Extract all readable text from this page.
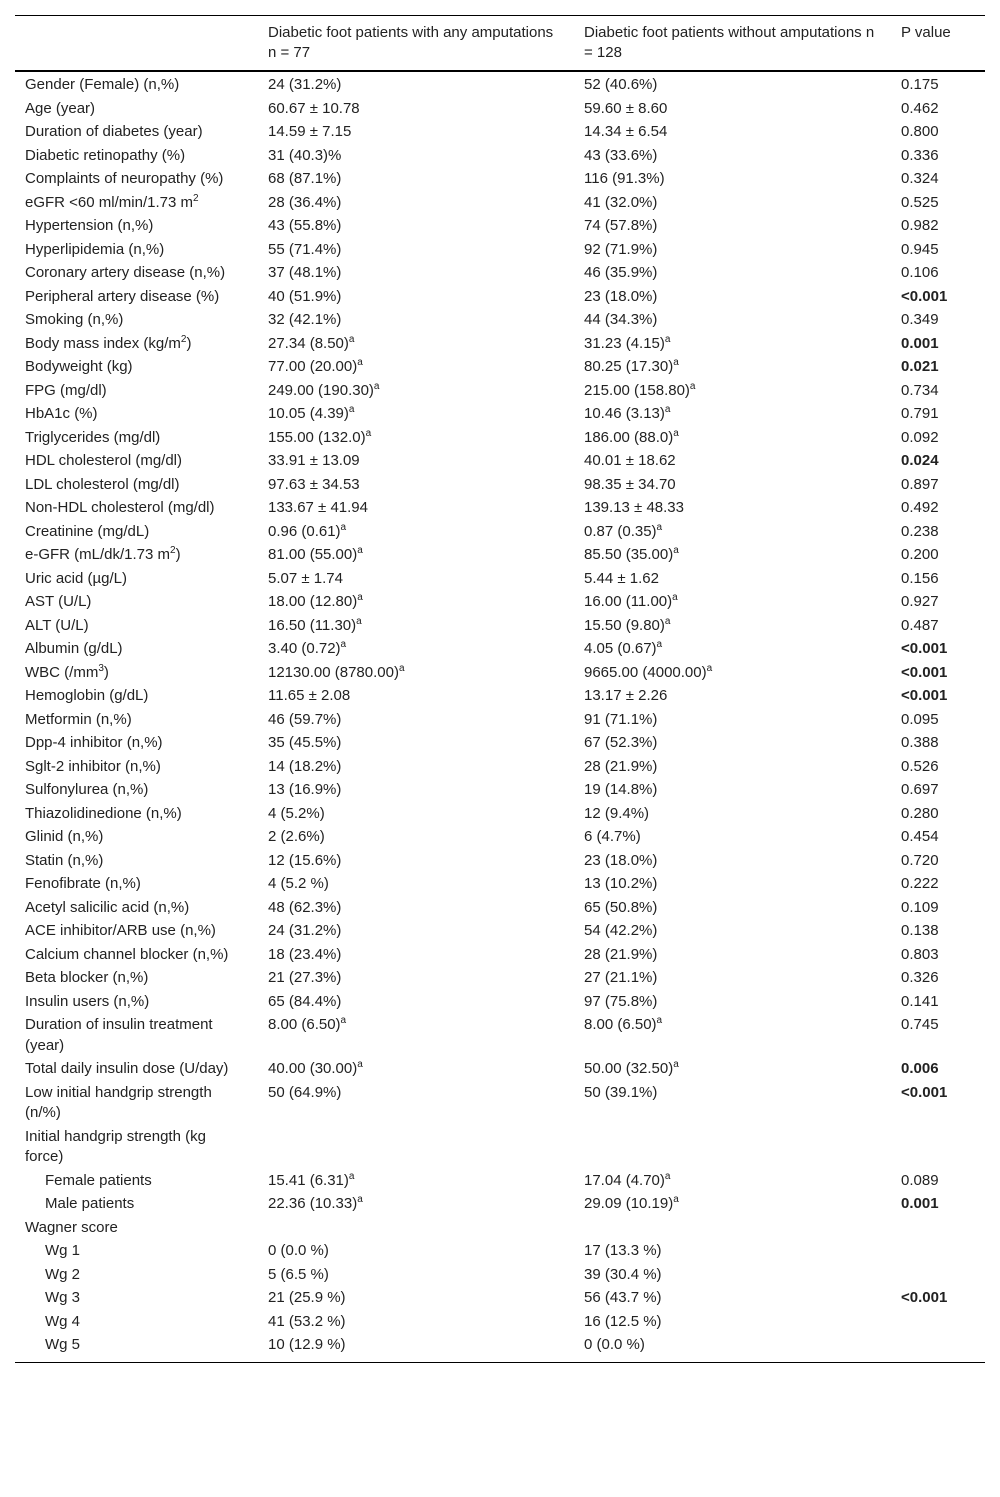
	Diabetic foot patients with any amputations n = 77	Diabetic foot patients without amputations n = 128	P value
Gender (Female) (n,%)	24 (31.2%)	52 (40.6%)	0.175
Age (year)	60.67 ± 10.78	59.60 ± 8.60	0.462
Duration of diabetes (year)	14.59 ± 7.15	14.34 ± 6.54	0.800
Diabetic retinopathy (%)	31 (40.3)%	43 (33.6%)	0.336
Complaints of neuropathy (%)	68 (87.1%)	116 (91.3%)	0.324
eGFR <60 ml/min/1.73 $m^2$	28 (36.4%)	41 (32.0%)	0.525
Hypertension (n,%)	43 (55.8%)	74 (57.8%)	0.982
Hyperlipidemia (n,%)	55 (71.4%)	92 (71.9%)	0.945
Coronary artery disease (n,%)	37 (48.1%)	46 (35.9%)	0.106
Peripheral artery disease (%)	40 (51.9%)	23 (18.0%)	<0.001
Smoking (n,%)	32 (42.1%)	44 (34.3%)	0.349
Body mass index $(kg/m^2)$	27.34 $(8.50)^a$	31.23 $(4.15)^a$	0.001
Bodyweight (kg)	77.00 $(20.00)^a$	80.25 $(17.30)^a$	0.021
FPG (mg/dl)	249.00 $(190.30)^a$	215.00 $(158.80)^a$	0.734
HbA1c (%)	10.05 $(4.39)^a$	10.46 $(3.13)^a$	0.791
Triglycerides (mg/dl)	155.00 $(132.0)^a$	186.00 $(88.0)^a$	0.092
HDL cholesterol (mg/dl)	33.91 ± 13.09	40.01 ± 18.62	0.024
LDL cholesterol (mg/dl)	97.63 ± 34.53	98.35 ± 34.70	0.897
Non-HDL cholesterol (mg/dl)	133.67 ± 41.94	139.13 ± 48.33	0.492
Creatinine (mg/dL)	0.96 $(0.61)^a$	0.87 $(0.35)^a$	0.238
e-GFR (mL/dk/1.73 $m^2$)	81.00 $(55.00)^a$	85.50 $(35.00)^a$	0.200
Uric acid (µg/L)	5.07 ± 1.74	5.44 ± 1.62	0.156
AST (U/L)	18.00 $(12.80)^a$	16.00 $(11.00)^a$	0.927
ALT (U/L)	16.50 $(11.30)^a$	15.50 $(9.80)^a$	0.487
Albumin (g/dL)	3.40 $(0.72)^a$	4.05 $(0.67)^a$	<0.001
WBC $(/mm^3)$	12130.00 $(8780.00)^a$	9665.00 $(4000.00)^a$	<0.001
Hemoglobin (g/dL)	11.65 ± 2.08	13.17 ± 2.26	<0.001
Metformin (n,%)	46 (59.7%)	91 (71.1%)	0.095
Dpp-4 inhibitor (n,%)	35 (45.5%)	67 (52.3%)	0.388
Sglt-2 inhibitor (n,%)	14 (18.2%)	28 (21.9%)	0.526
Sulfonylurea (n,%)	13 (16.9%)	19 (14.8%)	0.697
Thiazolidinedione (n,%)	4 (5.2%)	12 (9.4%)	0.280
Glinid (n,%)	2 (2.6%)	6 (4.7%)	0.454
Statin (n,%)	12 (15.6%)	23 (18.0%)	0.720
Fenofibrate (n,%)	4 (5.2 %)	13 (10.2%)	0.222
Acetyl salicilic acid (n,%)	48 (62.3%)	65 (50.8%)	0.109
ACE inhibitor/ARB use (n,%)	24 (31.2%)	54 (42.2%)	0.138
Calcium channel blocker (n,%)	18 (23.4%)	28 (21.9%)	0.803
Beta blocker (n,%)	21 (27.3%)	27 (21.1%)	0.326
Insulin users (n,%)	65 (84.4%)	97 (75.8%)	0.141
Duration of insulin treatment (year)	8.00 $(6.50)^a$	8.00 $(6.50)^a$	0.745
Total daily insulin dose (U/day)	40.00 $(30.00)^a$	50.00 $(32.50)^a$	0.006
Low initial handgrip strength (n/%)	50 (64.9%)	50 (39.1%)	<0.001
Initial handgrip strength (kg force)			
Female patients	15.41 $(6.31)^a$	17.04 $(4.70)^a$	0.089
Male patients	22.36 $(10.33)^a$	29.09 $(10.19)^a$	0.001
Wagner score			
Wg 1	0 (0.0 %)	17 (13.3 %)	
Wg 2	5 (6.5 %)	39 (30.4 %)	
Wg 3	21 (25.9 %)	56 (43.7 %)	<0.001
Wg 4	41 (53.2 %)	16 (12.5 %)	
Wg 5	10 (12.9 %)	0 (0.0 %)	
